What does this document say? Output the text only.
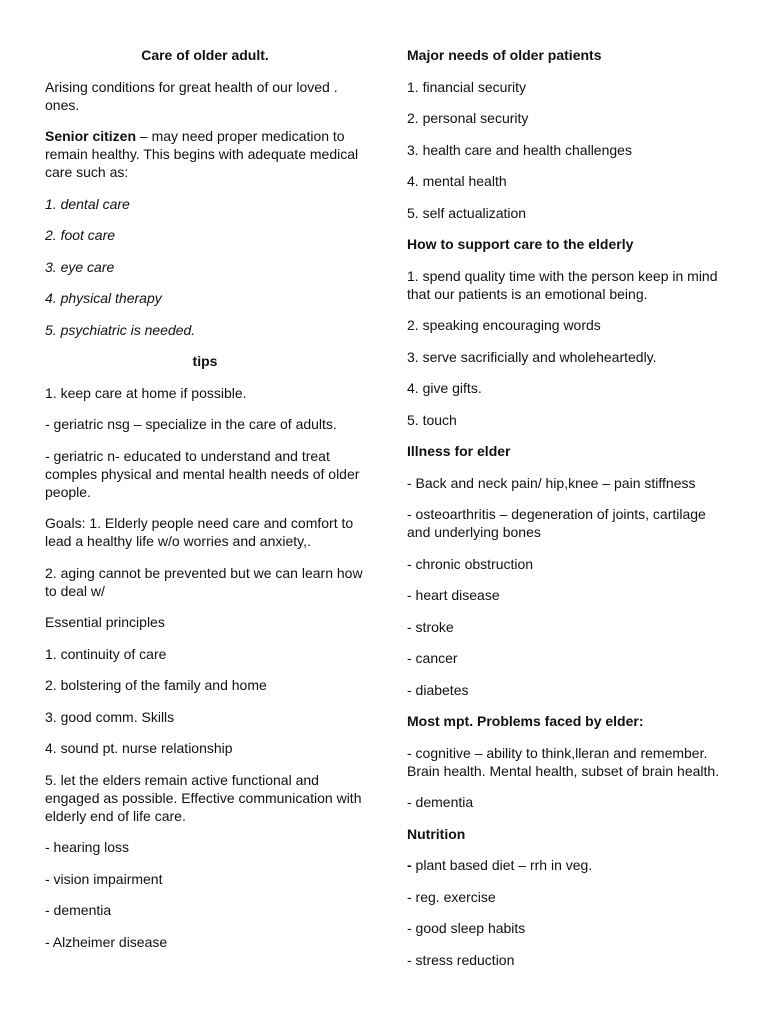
Care of older adult.

Arising conditions for great health of our loved . ones.

Senior citizen – may need proper medication to remain healthy. This begins with adequate medical care such as:

1. dental care

2. foot care

3. eye care

4. physical therapy

5. psychiatric is needed.

tips

1. keep care at home if possible.

- geriatric nsg – specialize in the care of adults.

- geriatric n- educated to understand and treat comples physical and mental health needs of older people.

Goals: 1. Elderly people need care and comfort to lead a healthy life w/o worries and anxiety,.

2. aging cannot be prevented but we can learn how to deal w/

Essential principles

1. continuity of care

2. bolstering of the family and home

3. good comm. Skills

4. sound pt. nurse relationship

5. let the elders remain active functional and engaged as possible. Effective communication with elderly end of life care.

- hearing loss

- vision impairment

- dementia

- Alzheimer disease

Major needs of older patients

1. financial security

2. personal security

3. health care and health challenges

4. mental health

5. self actualization

How to support care to the elderly

1. spend quality time with the person keep in mind that our patients is an emotional being.

2. speaking encouraging words

3. serve sacrificially and wholeheartedly.

4. give gifts.

5. touch

Illness for elder

- Back and neck pain/ hip,knee – pain stiffness

- osteoarthritis – degeneration of joints, cartilage and underlying bones

- chronic obstruction

- heart disease

- stroke

- cancer

- diabetes

Most mpt. Problems faced by elder:

- cognitive – ability to think,lleran and remember. Brain health. Mental health, subset of brain health.

- dementia

Nutrition

- plant based diet – rrh in veg.

- reg. exercise

- good sleep habits

- stress reduction
